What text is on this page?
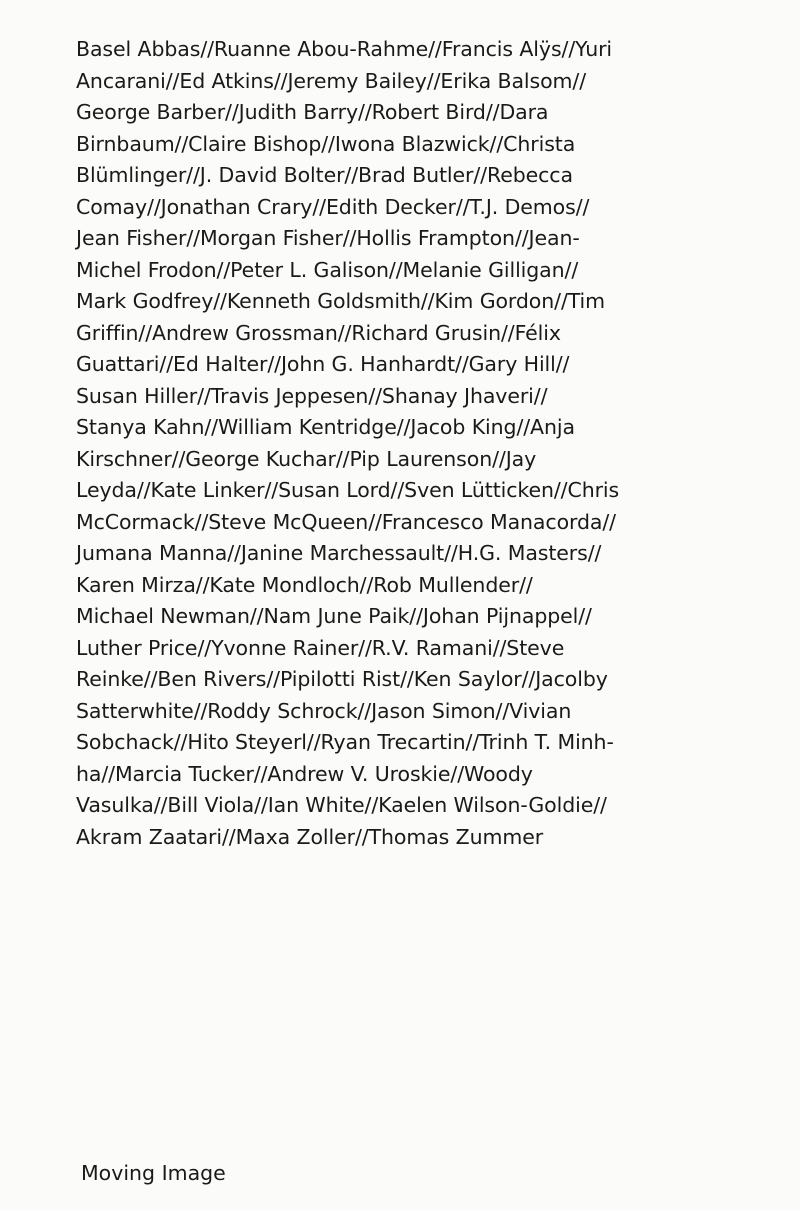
Basel Abbas//Ruanne Abou-Rahme//Francis Alÿs//Yuri
Ancarani//Ed Atkins//Jeremy Bailey//Erika Balsom//
George Barber//Judith Barry//Robert Bird//Dara
Birnbaum//Claire Bishop//Iwona Blazwick//Christa
Blümlinger//J. David Bolter//Brad Butler//Rebecca
Comay//Jonathan Crary//Edith Decker//T.J. Demos//
Jean Fisher//Morgan Fisher//Hollis Frampton//Jean-
Michel Frodon//Peter L. Galison//Melanie Gilligan//
Mark Godfrey//Kenneth Goldsmith//Kim Gordon//Tim
Griffin//Andrew Grossman//Richard Grusin//Félix
Guattari//Ed Halter//John G. Hanhardt//Gary Hill//
Susan Hiller//Travis Jeppesen//Shanay Jhaveri//
Stanya Kahn//William Kentridge//Jacob King//Anja
Kirschner//George Kuchar//Pip Laurenson//Jay
Leyda//Kate Linker//Susan Lord//Sven Lütticken//Chris
McCormack//Steve McQueen//Francesco Manacorda//
Jumana Manna//Janine Marchessault//H.G. Masters//
Karen Mirza//Kate Mondloch//Rob Mullender//
Michael Newman//Nam June Paik//Johan Pijnappel//
Luther Price//Yvonne Rainer//R.V. Ramani//Steve
Reinke//Ben Rivers//Pipilotti Rist//Ken Saylor//Jacolby
Satterwhite//Roddy Schrock//Jason Simon//Vivian
Sobchack//Hito Steyerl//Ryan Trecartin//Trinh T. Minh-
ha//Marcia Tucker//Andrew V. Uroskie//Woody
Vasulka//Bill Viola//Ian White//Kaelen Wilson-Goldie//
Akram Zaatari//Maxa Zoller//Thomas Zummer
Moving Image
